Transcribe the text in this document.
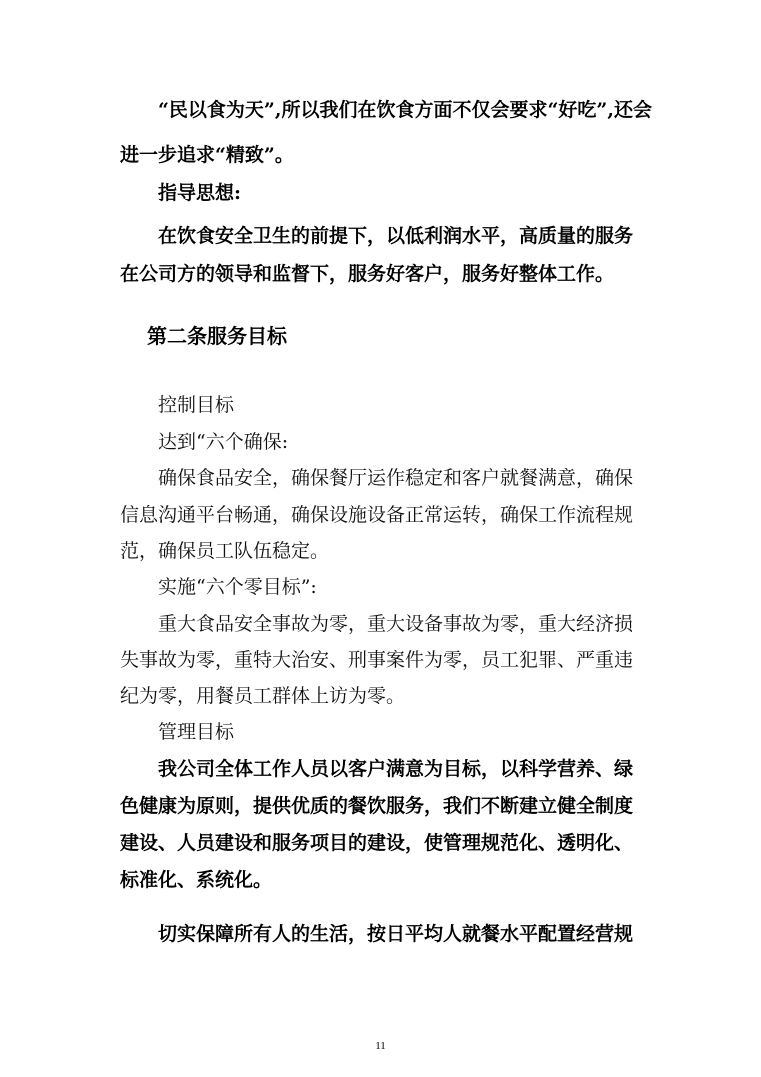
“民以食为天”,所以我们在饮食方面不仅会要求“好吃”,还会
进一步追求“精致”。
指导思想:
在饮食安全卫生的前提下，以低利润水平，高质量的服务
在公司方的领导和监督下，服务好客户，服务好整体工作。
第二条服务目标
控制目标
达到“六个确保:
确保食品安全，确保餐厅运作稳定和客户就餐满意，确保
信息沟通平台畅通，确保设施设备正常运转，确保工作流程规
范，确保员工队伍稳定。
实施“六个零目标”:
重大食品安全事故为零，重大设备事故为零，重大经济损
失事故为零，重特大治安、刑事案件为零，员工犯罪、严重违
纪为零，用餐员工群体上访为零。
管理目标
我公司全体工作人员以客户满意为目标，以科学营养、绿
色健康为原则，提供优质的餐饮服务，我们不断建立健全制度
建设、人员建设和服务项目的建设，使管理规范化、透明化、
标准化、系统化。
切实保障所有人的生活，按日平均人就餐水平配置经营规
11
